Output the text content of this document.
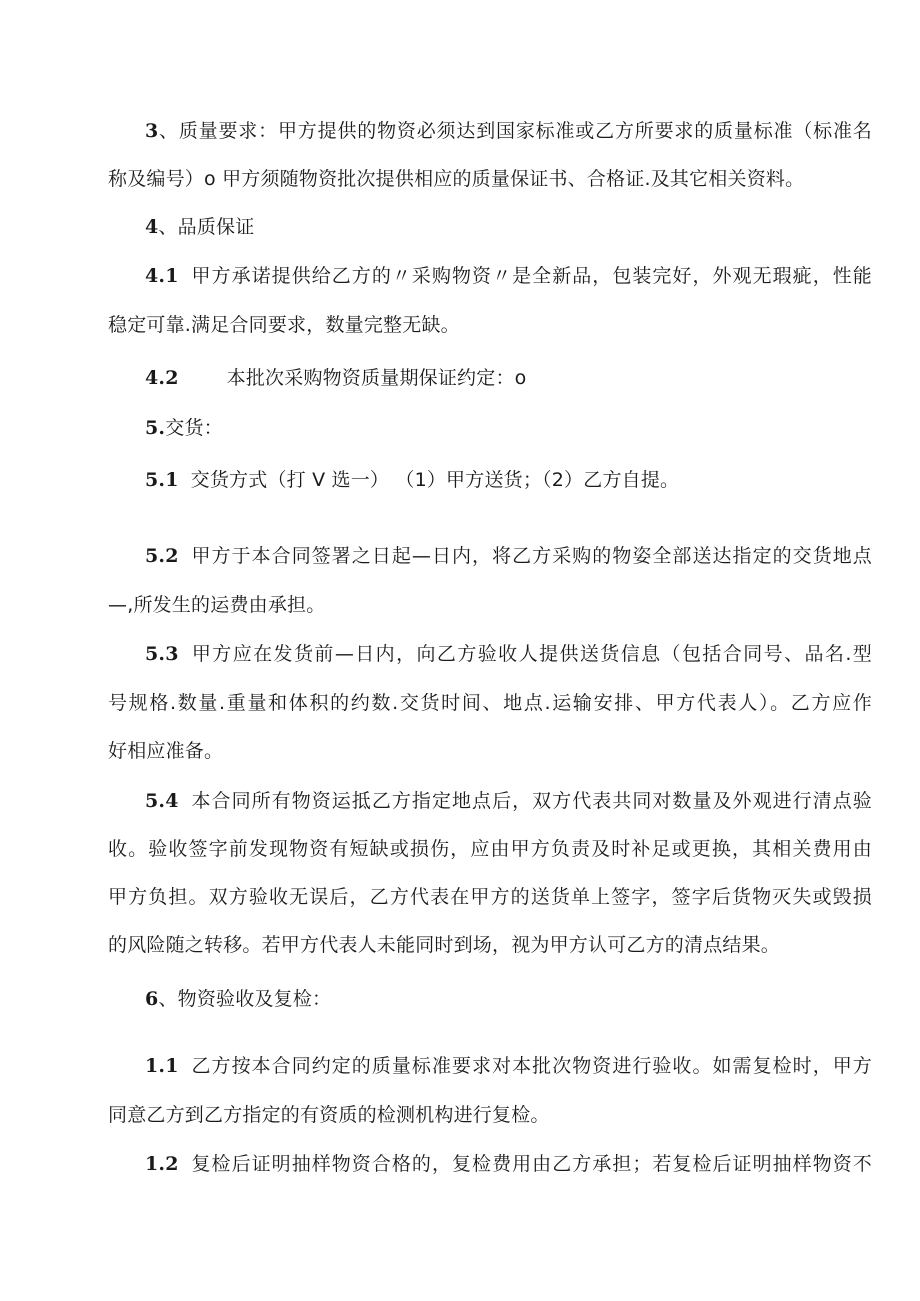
3、质量要求：甲方提供的物资必须达到国家标准或乙方所要求的质量标准（标准名
称及编号）o 甲方须随物资批次提供相应的质量保证书、合格证.及其它相关资料。
4、品质保证
4.1 甲方承诺提供给乙方的〃采购物资〃是全新品，包装完好，外观无瑕疵，性能
稳定可靠.满足合同要求，数量完整无缺。
4.2	本批次采购物资质量期保证约定：o
5.交货：
5.1 交货方式（打 V 选一） （1）甲方送货；（2）乙方自提。
5.2 甲方于本合同签署之日起—日内，将乙方采购的物姿全部送达指定的交货地点
—,所发生的运费由承担。
5.3 甲方应在发货前—日内，向乙方验收人提供送货信息（包括合同号、品名.型
号规格.数量.重量和体积的约数.交货时间、地点.运输安排、甲方代表人）。乙方应作
好相应准备。
5.4 本合同所有物资运抵乙方指定地点后，双方代表共同对数量及外观进行清点验
收。验收签字前发现物资有短缺或损伤，应由甲方负责及时补足或更换，其相关费用由
甲方负担。双方验收无误后，乙方代表在甲方的送货单上签字，签字后货物灭失或毁损
的风险随之转移。若甲方代表人未能同时到场，视为甲方认可乙方的清点结果。
6、物资验收及复检：
1.1 乙方按本合同约定的质量标准要求对本批次物资进行验收。如需复检时，甲方
同意乙方到乙方指定的有资质的检测机构进行复检。
1.2 复检后证明抽样物资合格的，复检费用由乙方承担；若复检后证明抽样物资不
